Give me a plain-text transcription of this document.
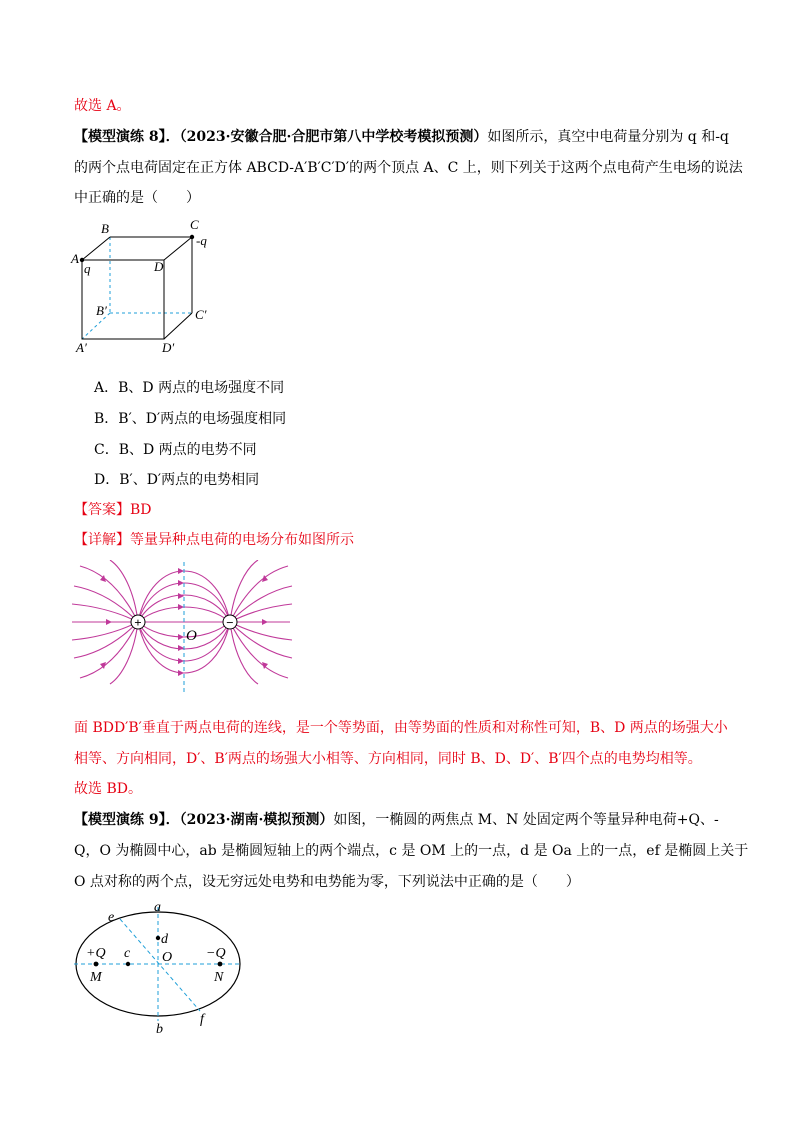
故选 A。
【模型演练 8】．（2023·安徽合肥·合肥市第八中学校考模拟预测）如图所示，真空中电荷量分别为 q 和-q
的两个点电荷固定在正方体 ABCD-A′B′C′D′的两个顶点 A、C 上，则下列关于这两个点电荷产生电场的说法
中正确的是（　　）
A
q
B	C
-q
D
B′	C′
A′	D′
A．B、D 两点的电场强度不同
B．B′、D′两点的电场强度相同
C．B、D 两点的电势不同
D．B′、D′两点的电势相同
【答案】BD
【详解】等量异种点电荷的电场分布如图所示
+	−
O
面 BDD′B′垂直于两点电荷的连线，是一个等势面，由等势面的性质和对称性可知，B、D 两点的场强大小
相等、方向相同，D′、B′两点的场强大小相等、方向相同，同时 B、D、D′、B′四个点的电势均相等。
故选 BD。
【模型演练 9】．（2023·湖南·模拟预测）如图，一椭圆的两焦点 M、N 处固定两个等量异种电荷+Q、-
Q，O 为椭圆中心，ab 是椭圆短轴上的两个端点，c 是 OM 上的一点，d 是 Oa 上的一点，ef 是椭圆上关于
O 点对称的两个点，设无穷远处电势和电势能为零，下列说法中正确的是（　　）
a
b
c
d
e
f
O
+Q
M
−Q
N
